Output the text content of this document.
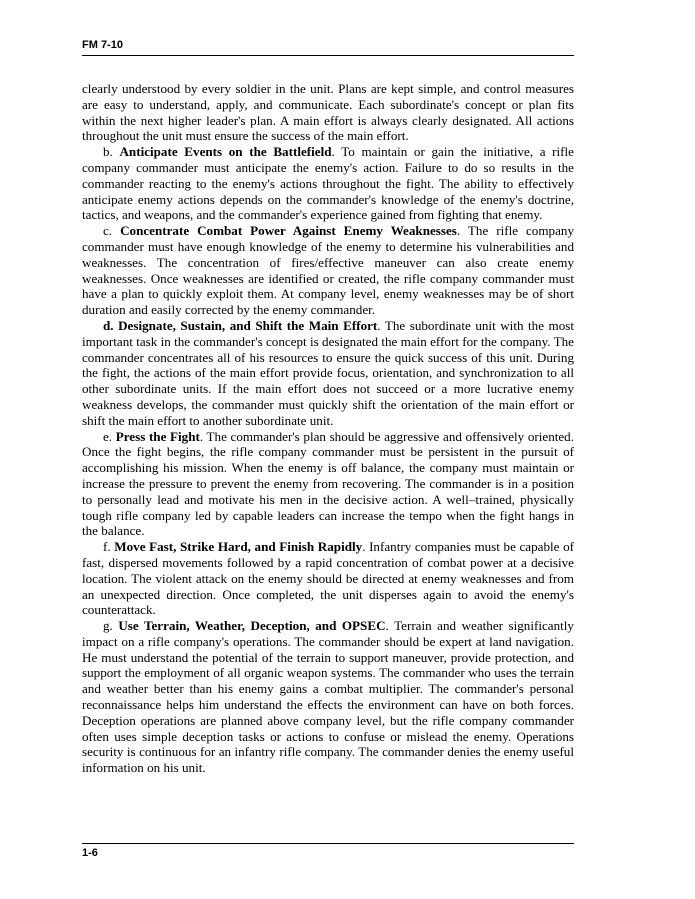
FM 7-10

clearly understood by every soldier in the unit. Plans are kept simple, and control measures are easy to understand, apply, and communicate. Each subordinate's concept or plan fits within the next higher leader's plan. A main effort is always clearly designated. All actions throughout the unit must ensure the success of the main effort.

b. Anticipate Events on the Battlefield. To maintain or gain the initiative, a rifle company commander must anticipate the enemy's action. Failure to do so results in the commander reacting to the enemy's actions throughout the fight. The ability to effectively anticipate enemy actions depends on the commander's knowledge of the enemy's doctrine, tactics, and weapons, and the commander's experience gained from fighting that enemy.

c. Concentrate Combat Power Against Enemy Weaknesses. The rifle company commander must have enough knowledge of the enemy to determine his vulnerabilities and weaknesses. The concentration of fires/effective maneuver can also create enemy weaknesses. Once weaknesses are identified or created, the rifle company commander must have a plan to quickly exploit them. At company level, enemy weaknesses may be of short duration and easily corrected by the enemy commander.

d. Designate, Sustain, and Shift the Main Effort. The subordinate unit with the most important task in the commander's concept is designated the main effort for the company. The commander concentrates all of his resources to ensure the quick success of this unit. During the fight, the actions of the main effort provide focus, orientation, and synchronization to all other subordinate units. If the main effort does not succeed or a more lucrative enemy weakness develops, the commander must quickly shift the orientation of the main effort or shift the main effort to another subordinate unit.

e. Press the Fight. The commander's plan should be aggressive and offensively oriented. Once the fight begins, the rifle company commander must be persistent in the pursuit of accomplishing his mission. When the enemy is off balance, the company must maintain or increase the pressure to prevent the enemy from recovering. The commander is in a position to personally lead and motivate his men in the decisive action. A well–trained, physically tough rifle company led by capable leaders can increase the tempo when the fight hangs in the balance.

f. Move Fast, Strike Hard, and Finish Rapidly. Infantry companies must be capable of fast, dispersed movements followed by a rapid concentration of combat power at a decisive location. The violent attack on the enemy should be directed at enemy weaknesses and from an unexpected direction. Once completed, the unit disperses again to avoid the enemy's counterattack.

g. Use Terrain, Weather, Deception, and OPSEC. Terrain and weather significantly impact on a rifle company's operations. The commander should be expert at land navigation. He must understand the potential of the terrain to support maneuver, provide protection, and support the employment of all organic weapon systems. The commander who uses the terrain and weather better than his enemy gains a combat multiplier. The commander's personal reconnaissance helps him understand the effects the environment can have on both forces. Deception operations are planned above company level, but the rifle company commander often uses simple deception tasks or actions to confuse or mislead the enemy. Operations security is continuous for an infantry rifle company. The commander denies the enemy useful information on his unit.

1-6
